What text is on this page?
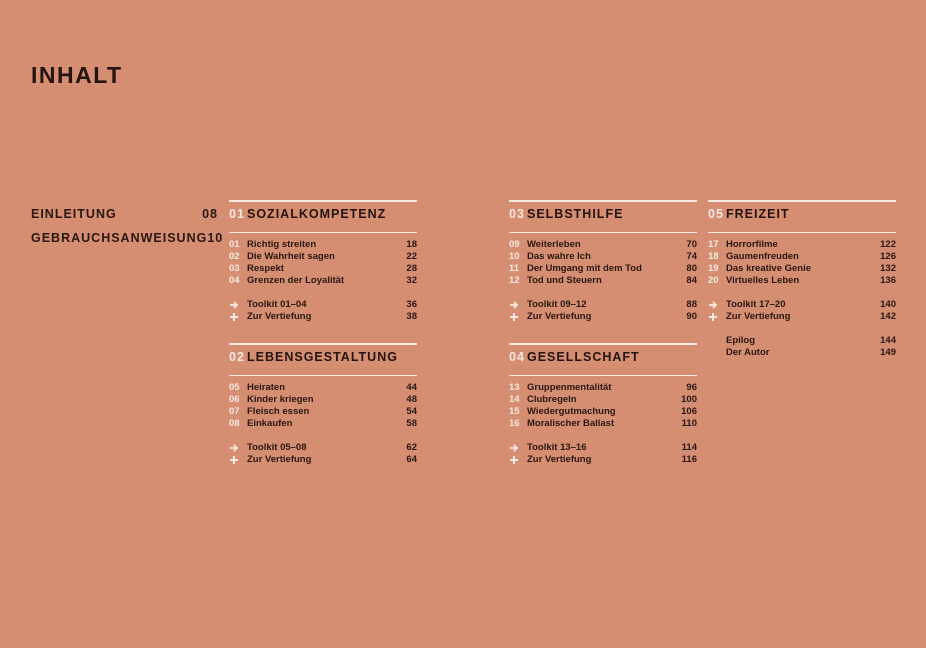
INHALT
EINLEITUNG	08
GEBRAUCHSANWEISUNG 10
01 SOZIALKOMPETENZ
01 Richtig streiten	18
02 Die Wahrheit sagen	22
03 Respekt	28
04 Grenzen der Loyalität	32
Toolkit 01–04	36
Zur Vertiefung	38
02 LEBENSGESTALTUNG
05 Heiraten	44
06 Kinder kriegen	48
07 Fleisch essen	54
08 Einkaufen	58
Toolkit 05–08	62
Zur Vertiefung	64
03 SELBSTHILFE
09 Weiterleben	70
10 Das wahre Ich	74
11 Der Umgang mit dem Tod	80
12 Tod und Steuern	84
Toolkit 09–12	88
Zur Vertiefung	90
04 GESELLSCHAFT
13 Gruppenmentalität	96
14 Clubregeln	100
15 Wiedergutmachung	106
16 Moralischer Ballast	110
Toolkit 13–16	114
Zur Vertiefung	116
05 FREIZEIT
17 Horrorfilme	122
18 Gaumenfreuden	126
19 Das kreative Genie	132
20 Virtuelles Leben	136
Toolkit 17–20	140
Zur Vertiefung	142
Epilog	144
Der Autor	149
